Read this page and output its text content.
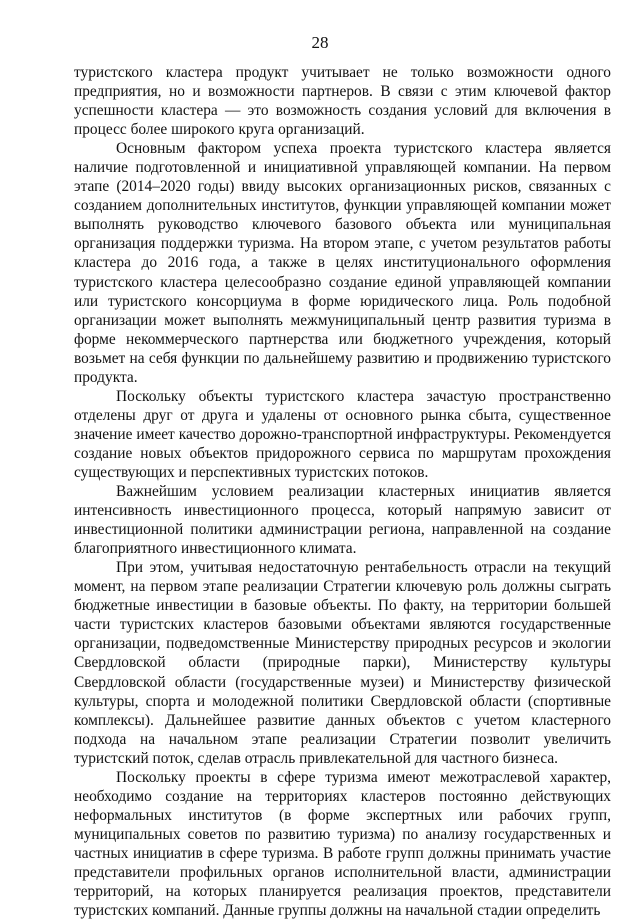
28

туристского кластера продукт учитывает не только возможности одного предприятия, но и возможности партнеров. В связи с этим ключевой фактор успешности кластера — это возможность создания условий для включения в процесс более широкого круга организаций.

Основным фактором успеха проекта туристского кластера является наличие подготовленной и инициативной управляющей компании. На первом этапе (2014–2020 годы) ввиду высоких организационных рисков, связанных с созданием дополнительных институтов, функции управляющей компании может выполнять руководство ключевого базового объекта или муниципальная организация поддержки туризма. На втором этапе, с учетом результатов работы кластера до 2016 года, а также в целях институционального оформления туристского кластера целесообразно создание единой управляющей компании или туристского консорциума в форме юридического лица. Роль подобной организации может выполнять межмуниципальный центр развития туризма в форме некоммерческого партнерства или бюджетного учреждения, который возьмет на себя функции по дальнейшему развитию и продвижению туристского продукта.

Поскольку объекты туристского кластера зачастую пространственно отделены друг от друга и удалены от основного рынка сбыта, существенное значение имеет качество дорожно-транспортной инфраструктуры. Рекомендуется создание новых объектов придорожного сервиса по маршрутам прохождения существующих и перспективных туристских потоков.

Важнейшим условием реализации кластерных инициатив является интенсивность инвестиционного процесса, который напрямую зависит от инвестиционной политики администрации региона, направленной на создание благоприятного инвестиционного климата.

При этом, учитывая недостаточную рентабельность отрасли на текущий момент, на первом этапе реализации Стратегии ключевую роль должны сыграть бюджетные инвестиции в базовые объекты. По факту, на территории большей части туристских кластеров базовыми объектами являются государственные организации, подведомственные Министерству природных ресурсов и экологии Свердловской области (природные парки), Министерству культуры Свердловской области (государственные музеи) и Министерству физической культуры, спорта и молодежной политики Свердловской области (спортивные комплексы). Дальнейшее развитие данных объектов с учетом кластерного подхода на начальном этапе реализации Стратегии позволит увеличить туристский поток, сделав отрасль привлекательной для частного бизнеса.

Поскольку проекты в сфере туризма имеют межотраслевой характер, необходимо создание на территориях кластеров постоянно действующих неформальных институтов (в форме экспертных или рабочих групп, муниципальных советов по развитию туризма) по анализу государственных и частных инициатив в сфере туризма. В работе групп должны принимать участие представители профильных органов исполнительной власти, администрации территорий, на которых планируется реализация проектов, представители туристских компаний. Данные группы должны на начальной стадии определить
